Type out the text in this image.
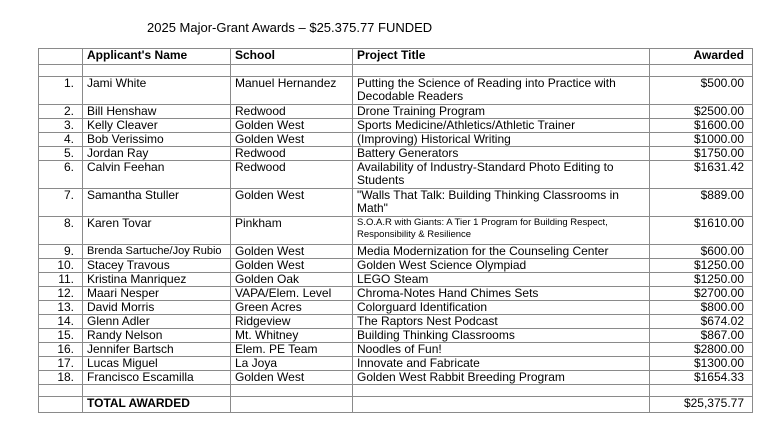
2025 Major-Grant Awards – $25.375.77 FUNDED
	Applicant's Name	School	Project Title	Awarded

1.	Jami White	Manuel Hernandez	Putting the Science of Reading into Practice with Decodable Readers	$500.00
2.	Bill Henshaw	Redwood	Drone Training Program	$2500.00
3.	Kelly Cleaver	Golden West	Sports Medicine/Athletics/Athletic Trainer	$1600.00
4.	Bob Verissimo	Golden West	(Improving) Historical Writing	$1000.00
5.	Jordan Ray	Redwood	Battery Generators	$1750.00
6.	Calvin Feehan	Redwood	Availability of Industry-Standard Photo Editing to Students	$1631.42
7.	Samantha Stuller	Golden West	"Walls That Talk: Building Thinking Classrooms in Math"	$889.00
8.	Karen Tovar	Pinkham	S.O.A.R with Giants: A Tier 1 Program for Building Respect, Responsibility & Resilience	$1610.00
9.	Brenda Sartuche/Joy Rubio	Golden West	Media Modernization for the Counseling Center	$600.00
10.	Stacey Travous	Golden West	Golden West Science Olympiad	$1250.00
11.	Kristina Manriquez	Golden Oak	LEGO Steam	$1250.00
12.	Maari Nesper	VAPA/Elem. Level	Chroma-Notes Hand Chimes Sets	$2700.00
13.	David Morris	Green Acres	Colorguard Identification	$800.00
14.	Glenn Adler	Ridgeview	The Raptors Nest Podcast	$674.02
15.	Randy Nelson	Mt. Whitney	Building Thinking Classrooms	$867.00
16.	Jennifer Bartsch	Elem. PE Team	Noodles of Fun!	$2800.00
17.	Lucas Miguel	La Joya	Innovate and Fabricate	$1300.00
18.	Francisco Escamilla	Golden West	Golden West Rabbit Breeding Program	$1654.33

	TOTAL AWARDED			$25,375.77
